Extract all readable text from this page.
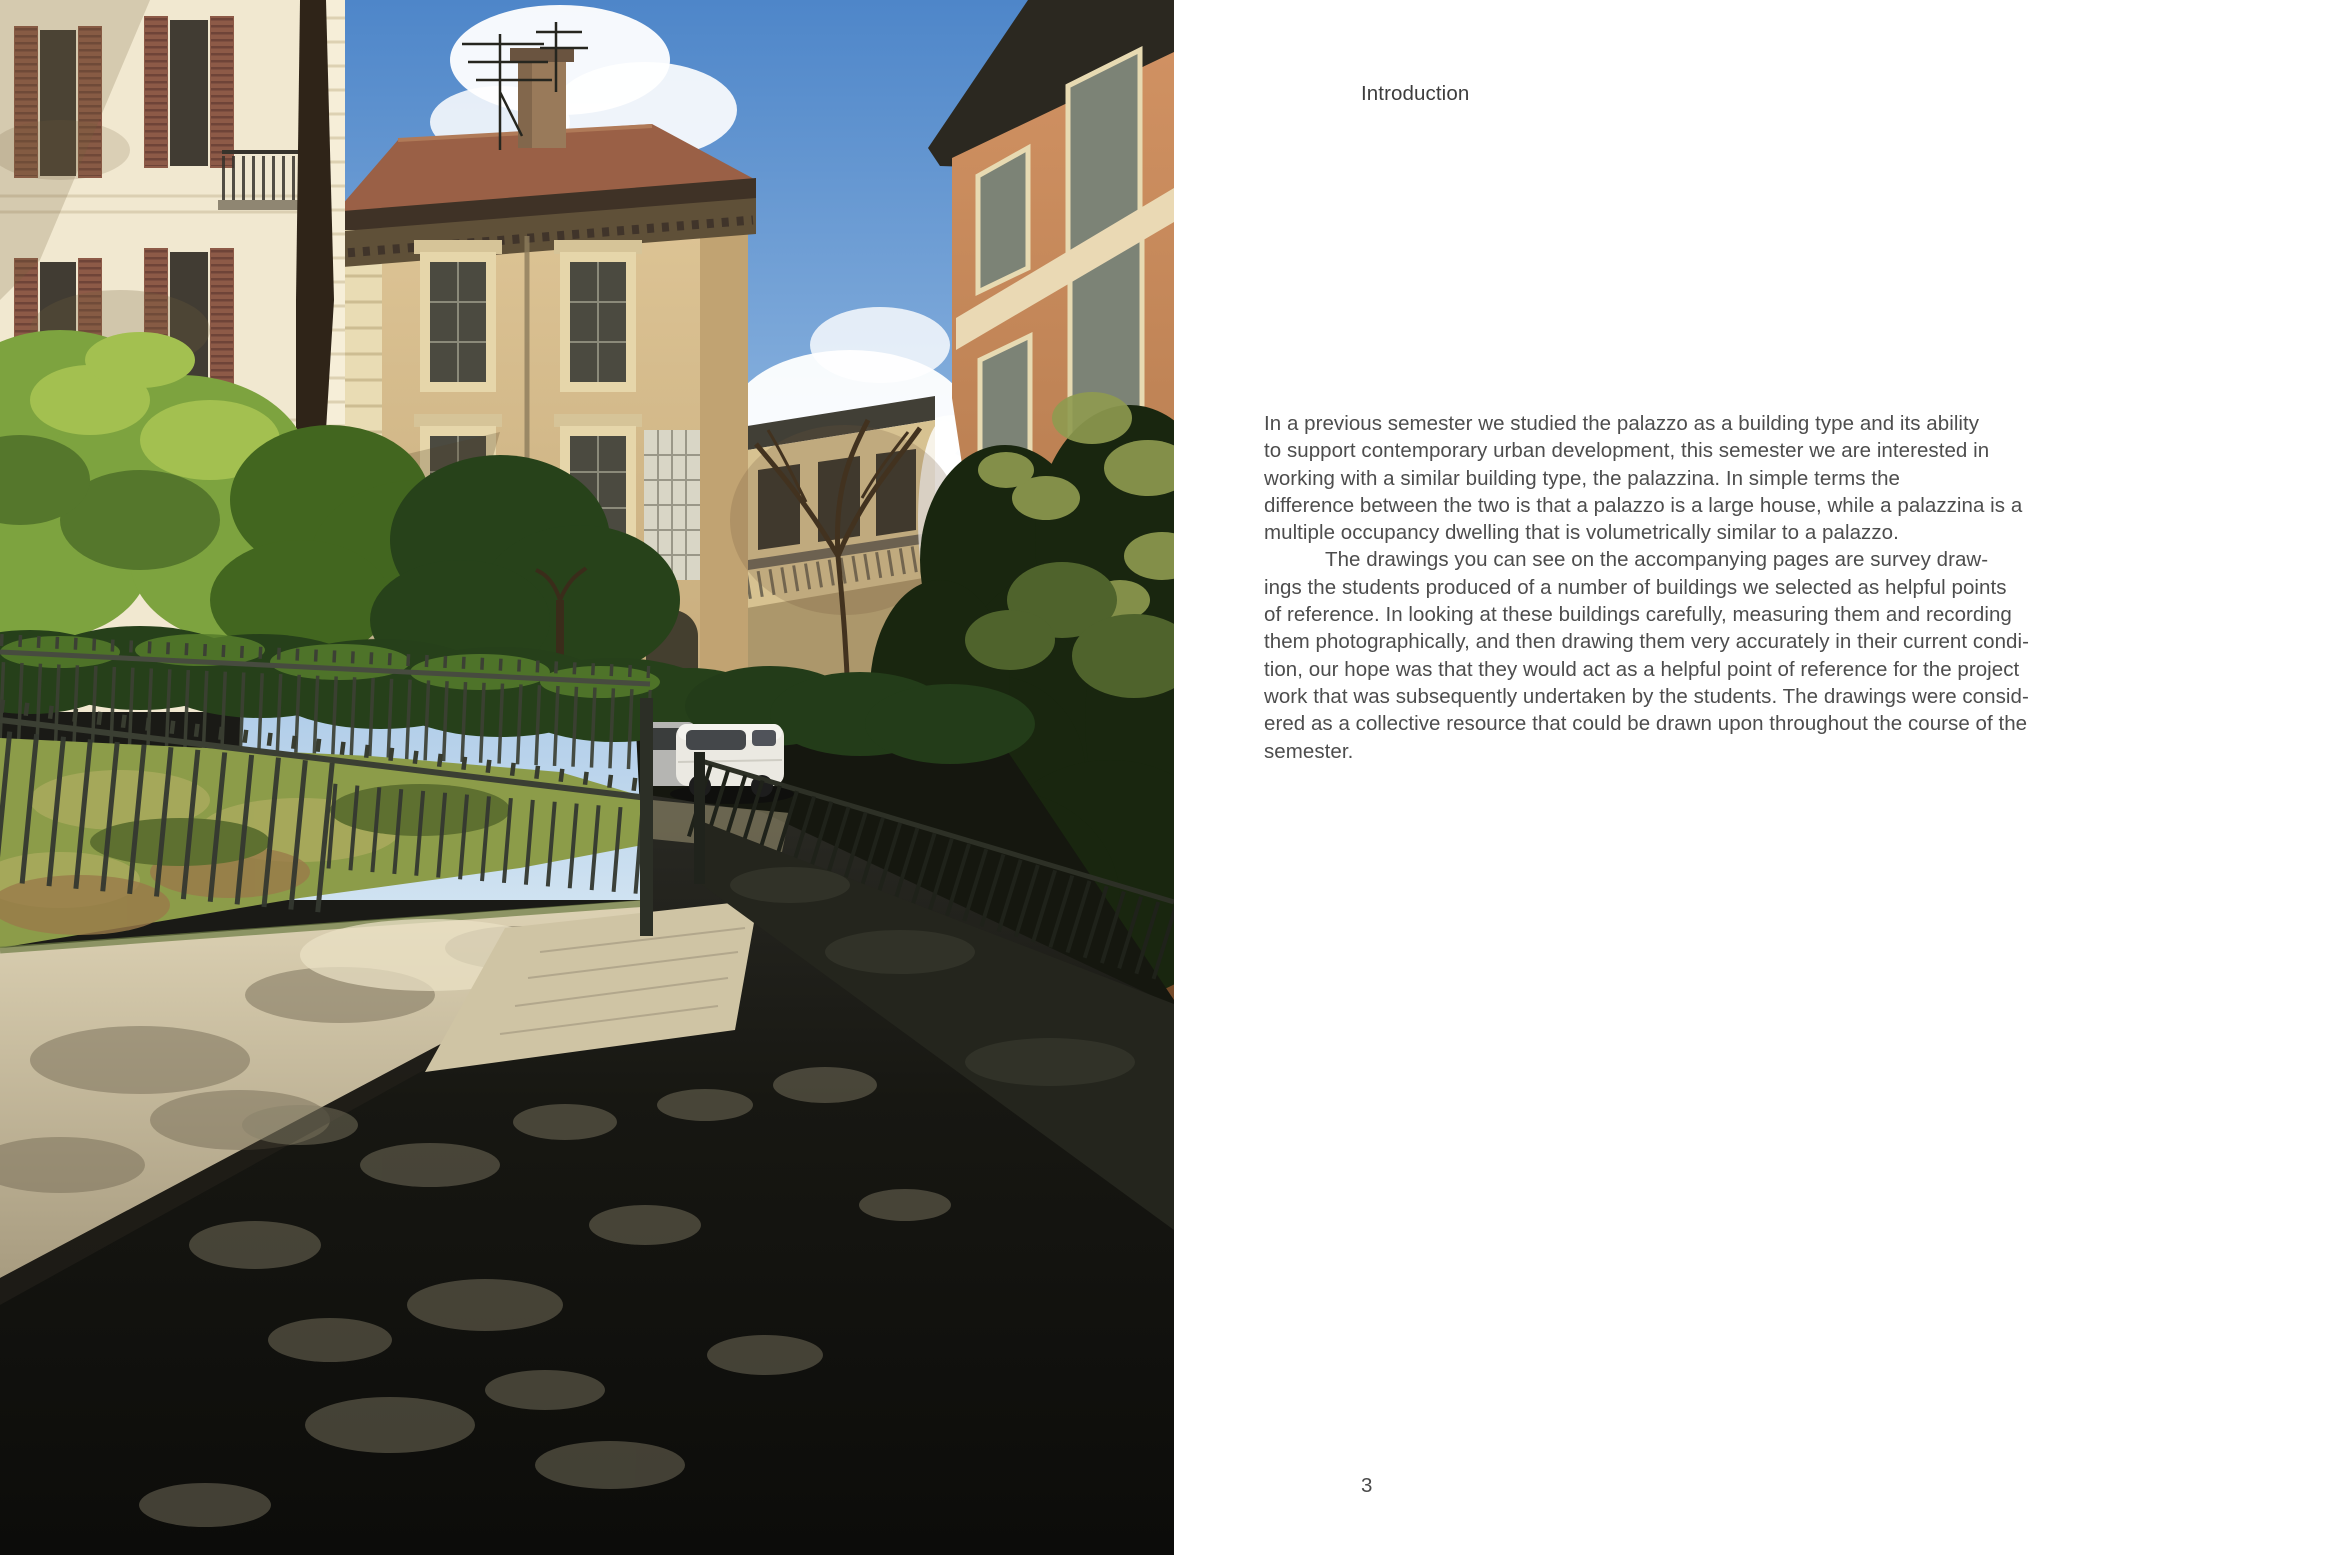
Introduction
In a previous semester we studied the palazzo as a building type and its ability
to support contemporary urban development, this semester we are interested in
working with a similar building type, the palazzina. In simple terms the
difference between the two is that a palazzo is a large house, while a palazzina is a
multiple occupancy dwelling that is volumetrically similar to a palazzo.
The drawings you can see on the accompanying pages are survey draw-
ings the students produced of a number of buildings we selected as helpful points
of reference. In looking at these buildings carefully, measuring them and recording
them photographically, and then drawing them very accurately in their current condi-
tion, our hope was that they would act as a helpful point of reference for the project
work that was subsequently undertaken by the students. The drawings were consid-
ered as a collective resource that could be drawn upon throughout the course of the
semester.
3
